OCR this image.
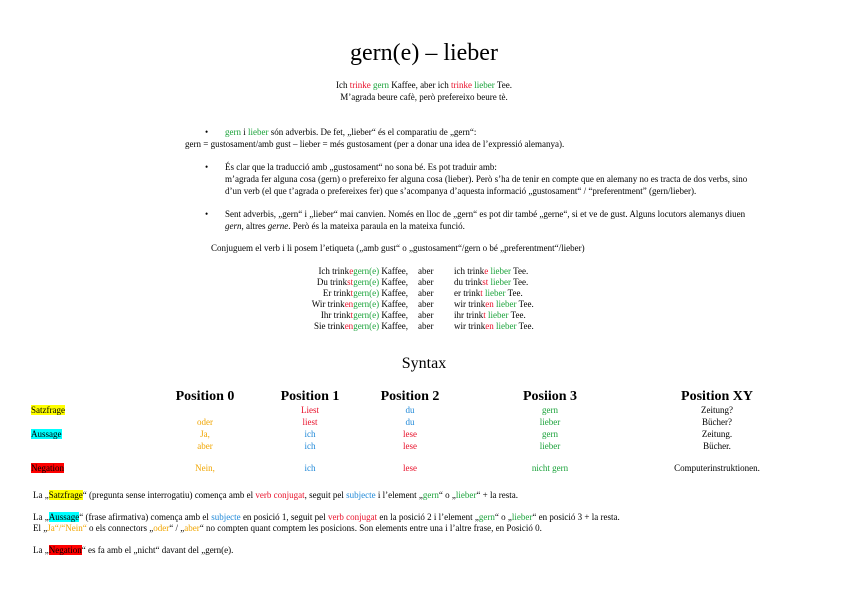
gern(e) – lieber
Ich trinke gern Kaffee, aber ich trinke lieber Tee.
M’agrada beure cafè, però prefereixo beure tè.
• gern i lieber són adverbis. De fet, „lieber“ és el comparatiu de „gern“:
gern = gustosament/amb gust – lieber = més gustosament (per a donar una idea de l’expressió alemanya).
• És clar que la traducció amb „gustosament“ no sona bé. Es pot traduir amb:
m’agrada fer alguna cosa (gern) o prefereixo fer alguna cosa (lieber). Però s’ha de tenir en compte que en alemany no es tracta de dos verbs, sino
d’un verb (el que t’agrada o prefereixes fer) que s’acompanya d’aquesta informació „gustosament“ / “preferentment” (gern/lieber).
• Sent adverbis, „gern“ i „lieber“ mai canvien. Només en lloc de „gern“ es pot dir també „gerne“, si et ve de gust. Alguns locutors alemanys diuen
gern, altres gerne. Però és la mateixa paraula en la mateixa funció.
Conjuguem el verb i li posem l’etiqueta („amb gust“ o „gustosament“/gern o bé „preferentment“/lieber)
Ich trinkegern(e) Kaffee, aber ich trinke lieber Tee.
Du trinkstgern(e) Kaffee, aber du trinkst lieber Tee.
Er trinktgern(e) Kaffee, aber er trinkt lieber Tee.
Wir trinkengern(e) Kaffee, aber wir trinken lieber Tee.
Ihr trinktgern(e) Kaffee, aber ihr trinkt lieber Tee.
Sie trinkengern(e) Kaffee, aber wir trinken lieber Tee.
Syntax
Position 0	Position 1	Position 2	Posiion 3	Position XY
Satzfrage	Liest	du	gern	Zeitung?
oder	liest	du	lieber	Bücher?
Aussage	Ja,	ich	lese	gern	Zeitung.
aber	ich	lese	lieber	Bücher.
Negation	Nein,	ich	lese	nicht gern	Computerinstruktionen.
La „Satzfrage“ (pregunta sense interrogatiu) comença amb el verb conjugat, seguit pel subjecte i l’element „gern“ o „lieber“ + la resta.
La „Aussage“ (frase afirmativa) comença amb el subjecte en posició 1, seguit pel verb conjugat en la posició 2 i l’element „gern“ o „lieber“ en posició 3 + la resta.
El „Ja“/“Nein“ o els connectors „oder“ / „aber“ no compten quant comptem les posicions. Son elements entre una i l’altre frase, en Posició 0.
La „Negation“ es fa amb el „nicht“ davant del „gern(e).
